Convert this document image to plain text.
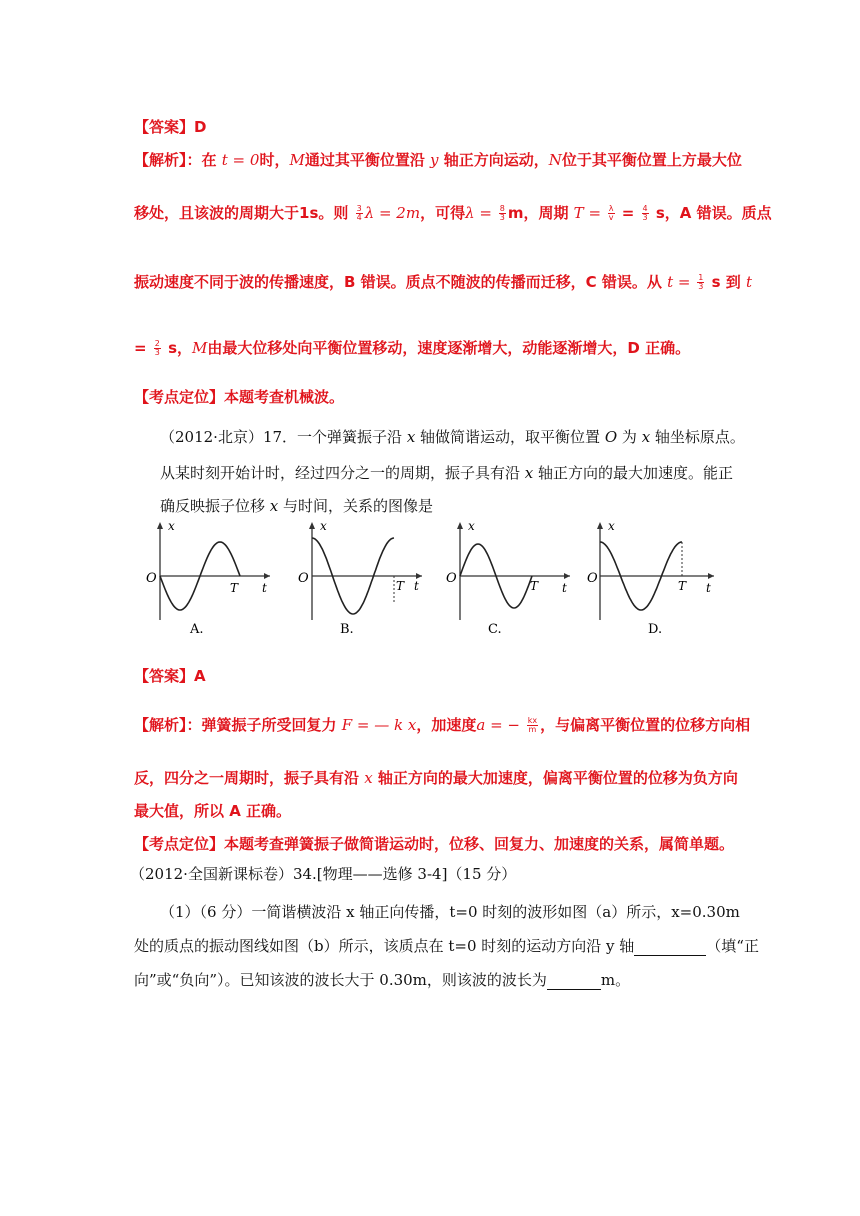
【答案】D
【解析】：在 t = 0时，M通过其平衡位置沿 y 轴正方向运动，N位于其平衡位置上方最大位
移处，且该波的周期大于1s。则 $\frac{3}{4}$ λ = 2m，可得$\lambda = \frac{8}{3}$ m，周期 $T = \frac{\lambda}{v} = \frac{4}{3}$ s，A 错误。质点
振动速度不同于波的传播速度，B 错误。质点不随波的传播而迁移，C 错误。从 $t = \frac{1}{3}$ s 到 t
= $\frac{2}{3}$ s，M由最大位移处向平衡位置移动，速度逐渐增大，动能逐渐增大，D 正确。
【考点定位】本题考查机械波。
（2012·北京）17．一个弹簧振子沿 x 轴做简谐运动，取平衡位置 O 为 x 轴坐标原点。
从某时刻开始计时，经过四分之一的周期，振子具有沿 x 轴正方向的最大加速度。能正
确反映振子位移 x 与时间，关系的图像是
x
O
T t
A.
x
O	T t
B.
x
O	T t
C.
x
O	T t
D.
【答案】A
【解析】：弹簧振子所受回复力 F = — k x，加速度a = − $\frac{kx}{m}$ ，与偏离平衡位置的位移方向相
反，四分之一周期时，振子具有沿 x 轴正方向的最大加速度，偏离平衡位置的位移为负方向
最大值，所以 A 正确。
【考点定位】本题考查弹簧振子做简谐运动时，位移、回复力、加速度的关系，属简单题。
（2012·全国新课标卷）34.[物理——选修 3-4]（15 分）
（1）（6 分）一简谐横波沿 x 轴正向传播，t=0 时刻的波形如图（a）所示，x=0.30m
处的质点的振动图线如图（b）所示，该质点在 t=0 时刻的运动方向沿 y 轴	（填“正
向”或“负向”）。已知该波的波长大于 0.30m，则该波的波长为	m。
